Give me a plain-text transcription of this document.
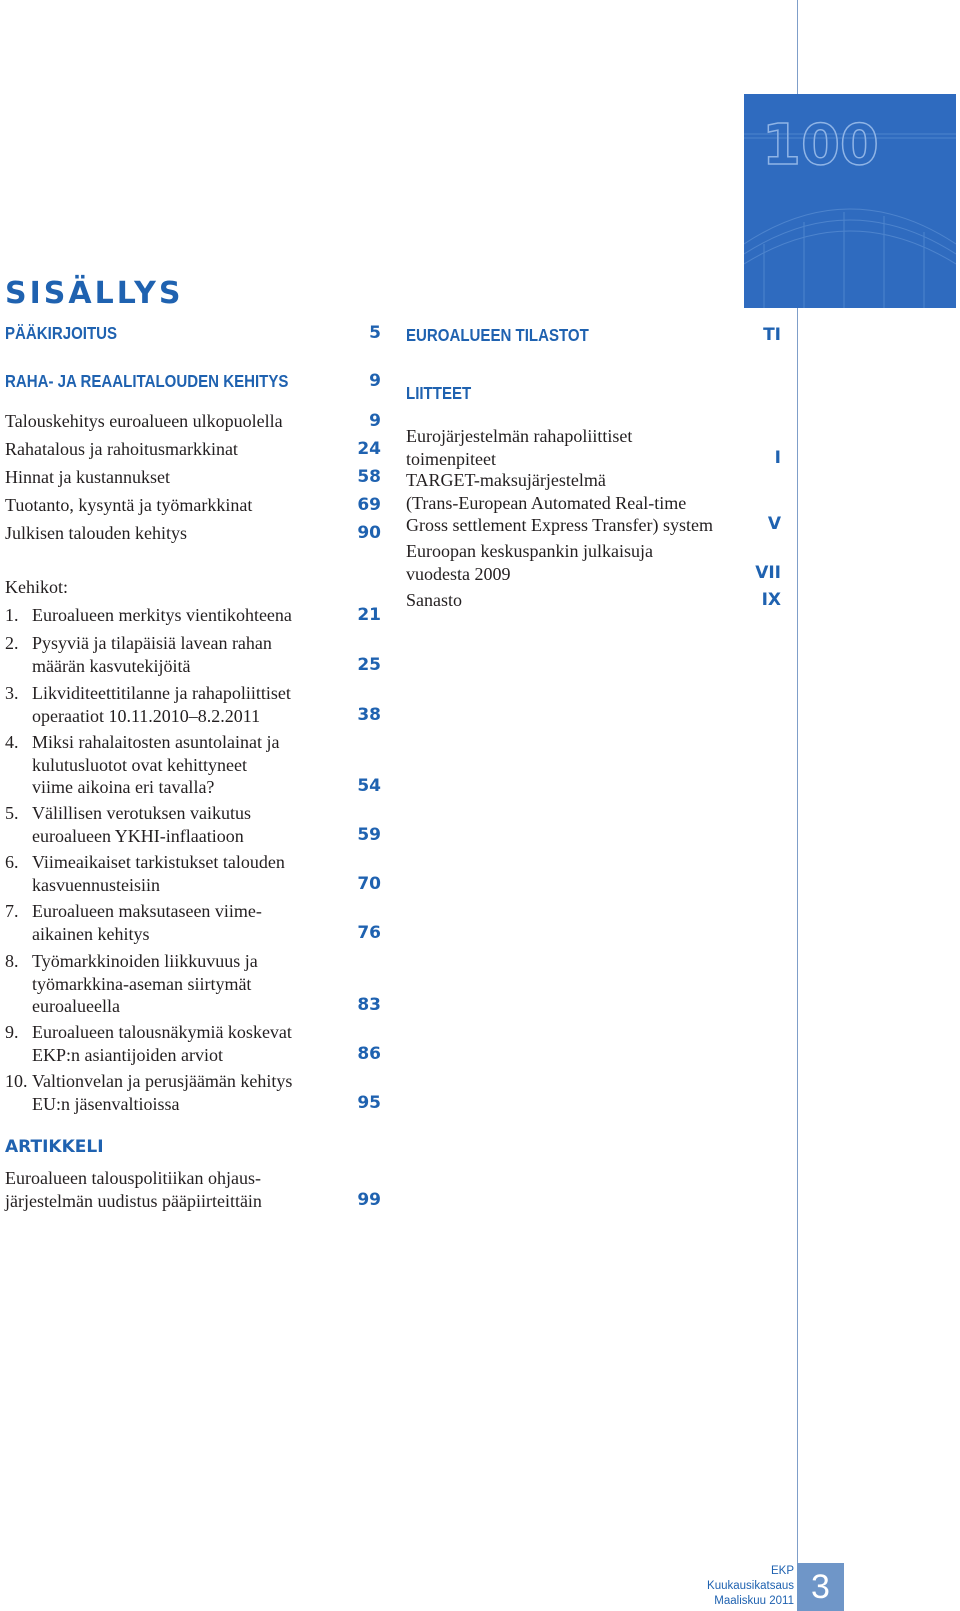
100
SISÄLLYS
PÄÄKIRJOITUS	5
RAHA- JA REAALITALOUDEN KEHITYS	9
Talouskehitys euroalueen ulkopuolella	9
Rahatalous ja rahoitusmarkkinat	24
Hinnat ja kustannukset	58
Tuotanto, kysyntä ja työmarkkinat	69
Julkisen talouden kehitys	90
Kehikot:
1. Euroalueen merkitys vientikohteena	21
2. Pysyviä ja tilapäisiä lavean rahan
määrän kasvutekijöitä	25
3. Likviditeettitilanne ja rahapoliittiset
operaatiot 10.11.2010–8.2.2011	38
4. Miksi rahalaitosten asuntolainat ja
kulutusluotot ovat kehittyneet
viime aikoina eri tavalla?	54
5. Välillisen verotuksen vaikutus
euroalueen YKHI-inflaatioon	59
6. Viimeaikaiset tarkistukset talouden
kasvuennusteisiin	70
7. Euroalueen maksutaseen viime-
aikainen kehitys	76
8. Työmarkkinoiden liikkuvuus ja
työmarkkina-aseman siirtymät
euroalueella	83
9. Euroalueen talousnäkymiä koskevat
EKP:n asiantijoiden arviot	86
10. Valtionvelan ja perusjäämän kehitys
EU:n jäsenvaltioissa	95
ARTIKKELI
Euroalueen talouspolitiikan ohjaus-
järjestelmän uudistus pääpiirteittäin	99
EUROALUEEN TILASTOT	TI
LIITTEET
Eurojärjestelmän rahapoliittiset
toimenpiteet	I
TARGET-maksujärjestelmä
(Trans-European Automated Real-time
Gross settlement Express Transfer) system	V
Euroopan keskuspankin julkaisuja
vuodesta 2009	VII
Sanasto	IX
EKP
Kuukausikatsaus
Maaliskuu 2011 3
